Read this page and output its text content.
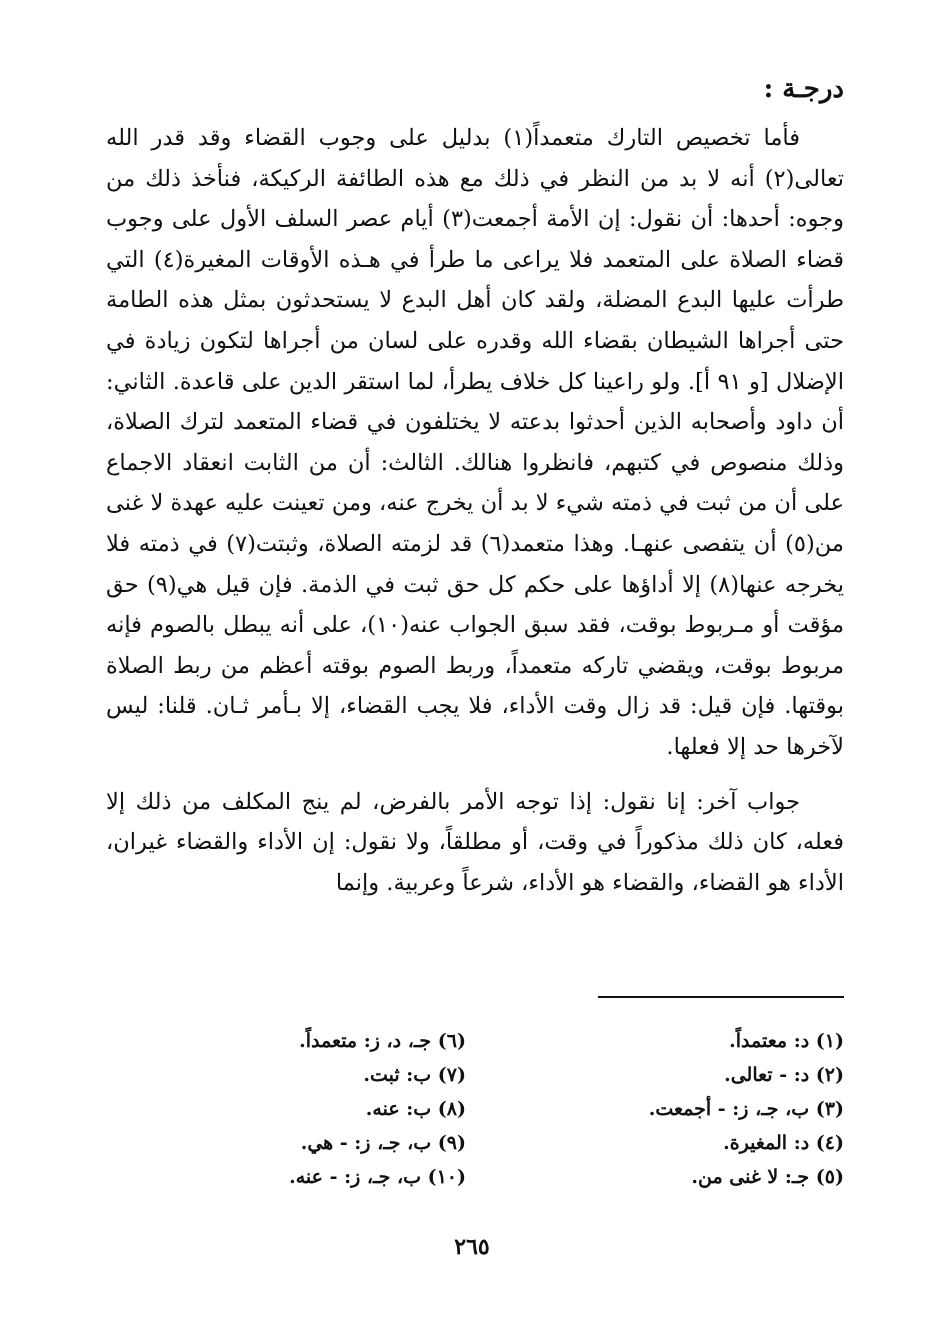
درجـة :

فأما تخصيص التارك متعمداً(١) بدليل على وجوب القضاء وقد قدر الله تعالى(٢) أنه لا بد من النظر في ذلك مع هذه الطائفة الركيكة، فنأخذ ذلك من وجوه: أحدها: أن نقول: إن الأمة أجمعت(٣) أيام عصر السلف الأول على وجوب قضاء الصلاة على المتعمد فلا يراعى ما طرأ في هـذه الأوقات المغيرة(٤) التي طرأت عليها البدع المضلة، ولقد كان أهل البدع لا يستحدثون بمثل هذه الطامة حتى أجراها الشيطان بقضاء الله وقدره على لسان من أجراها لتكون زيادة في الإضلال [و ٩١ أ]. ولو راعينا كل خلاف يطرأ، لما استقر الدين على قاعدة. الثاني: أن داود وأصحابه الذين أحدثوا بدعته لا يختلفون في قضاء المتعمد لترك الصلاة، وذلك منصوص في كتبهم، فانظروا هنالك. الثالث: أن من الثابت انعقاد الاجماع على أن من ثبت في ذمته شيء لا بد أن يخرج عنه، ومن تعينت عليه عهدة لا غنى من(٥) أن يتفصى عنهـا. وهذا متعمد(٦) قد لزمته الصلاة، وثبتت(٧) في ذمته فلا يخرجه عنها(٨) إلا أداؤها على حكم كل حق ثبت في الذمة. فإن قيل هي(٩) حق مؤقت أو مـربوط بوقت، فقد سبق الجواب عنه(١٠)، على أنه يبطل بالصوم فإنه مربوط بوقت، ويقضي تاركه متعمداً، وربط الصوم بوقته أعظم من ربط الصلاة بوقتها. فإن قيل: قد زال وقت الأداء، فلا يجب القضاء، إلا بـأمر ثـان. قلنا: ليس لآخرها حد إلا فعلها.

جواب آخر: إنا نقول: إذا توجه الأمر بالفرض، لم ينج المكلف من ذلك إلا فعله، كان ذلك مذكوراً في وقت، أو مطلقاً، ولا نقول: إن الأداء والقضاء غيران، الأداء هو القضاء، والقضاء هو الأداء، شرعاً وعربية. وإنما

(١) د: معتمداً.
(٢) د: - تعالى.
(٣) ب، جـ، ز: - أجمعت.
(٤) د: المغيرة.
(٥) جـ: لا غنى من.
(٦) جـ، د، ز: متعمداً.
(٧) ب: ثبت.
(٨) ب: عنه.
(٩) ب، جـ، ز: - هي.
(١٠) ب، جـ، ز: - عنه.
٢٦٥
